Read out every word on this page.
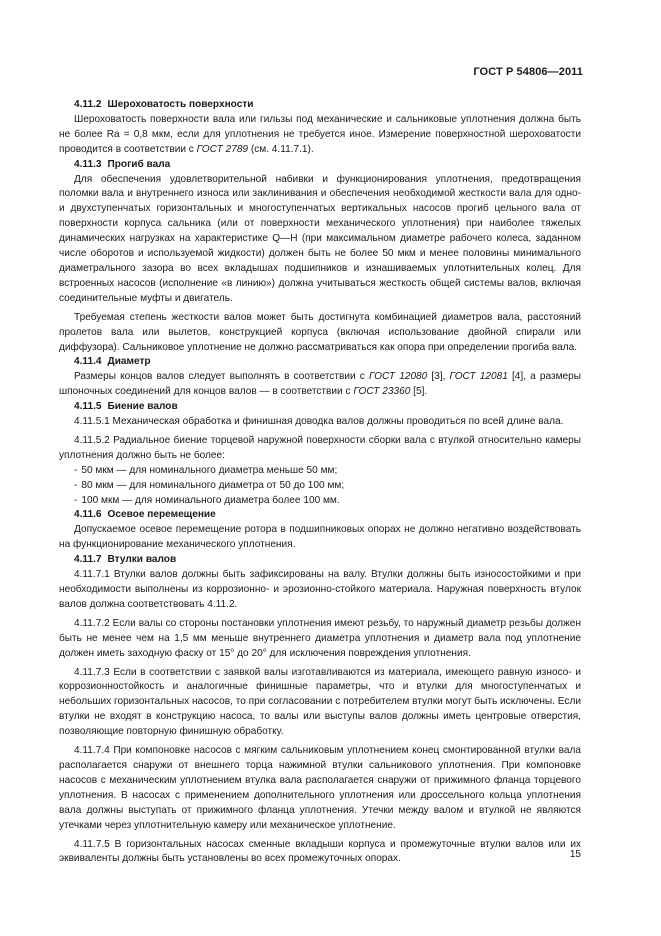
ГОСТ Р 54806—2011

4.11.2 Шероховатость поверхности

Шероховатость поверхности вала или гильзы под механические и сальниковые уплотнения должна быть не более Ra = 0,8 мкм, если для уплотнения не требуется иное. Измерение поверхностной шероховатости проводится в соответствии с ГОСТ 2789 (см. 4.11.7.1).

4.11.3 Прогиб вала

Для обеспечения удовлетворительной набивки и функционирования уплотнения, предотвращения поломки вала и внутреннего износа или заклинивания и обеспечения необходимой жесткости вала для одно- и двухступенчатых горизонтальных и многоступенчатых вертикальных насосов прогиб цельного вала от поверхности корпуса сальника (или от поверхности механического уплотнения) при наиболее тяжелых динамических нагрузках на характеристике Q—H (при максимальном диаметре рабочего колеса, заданном числе оборотов и используемой жидкости) должен быть не более 50 мкм и менее половины минимального диаметрального зазора во всех вкладышах подшипников и изнашиваемых уплотнительных колец. Для встроенных насосов (исполнение «в линию») должна учитываться жесткость общей системы валов, включая соединительные муфты и двигатель.

Требуемая степень жесткости валов может быть достигнута комбинацией диаметров вала, расстояний пролетов вала или вылетов, конструкцией корпуса (включая использование двойной спирали или диффузора). Сальниковое уплотнение не должно рассматриваться как опора при определении прогиба вала.

4.11.4 Диаметр

Размеры концов валов следует выполнять в соответствии с ГОСТ 12080 [3], ГОСТ 12081 [4], а размеры шпоночных соединений для концов валов — в соответствии с ГОСТ 23360 [5].

4.11.5 Биение валов

4.11.5.1 Механическая обработка и финишная доводка валов должны проводиться по всей длине вала.

4.11.5.2 Радиальное биение торцевой наружной поверхности сборки вала с втулкой относительно камеры уплотнения должно быть не более:

- 50 мкм — для номинального диаметра меньше 50 мм;

- 80 мкм — для номинального диаметра от 50 до 100 мм;

- 100 мкм — для номинального диаметра более 100 мм.

4.11.6 Осевое перемещение

Допускаемое осевое перемещение ротора в подшипниковых опорах не должно негативно воздействовать на функционирование механического уплотнения.

4.11.7 Втулки валов

4.11.7.1 Втулки валов должны быть зафиксированы на валу. Втулки должны быть износостойкими и при необходимости выполнены из коррозионно- и эрозионно-стойкого материала. Наружная поверхность втулок валов должна соответствовать 4.11.2.

4.11.7.2 Если валы со стороны постановки уплотнения имеют резьбу, то наружный диаметр резьбы должен быть не менее чем на 1,5 мм меньше внутреннего диаметра уплотнения и диаметр вала под уплотнение должен иметь заходную фаску от 15° до 20° для исключения повреждения уплотнения.

4.11.7.3 Если в соответствии с заявкой валы изготавливаются из материала, имеющего равную износо- и коррозионностойкость и аналогичные финишные параметры, что и втулки для многоступенчатых и небольших горизонтальных насосов, то при согласовании с потребителем втулки могут быть исключены. Если втулки не входят в конструкцию насоса, то валы или выступы валов должны иметь центровые отверстия, позволяющие повторную финишную обработку.

4.11.7.4 При компоновке насосов с мягким сальниковым уплотнением конец смонтированной втулки вала располагается снаружи от внешнего торца нажимной втулки сальникового уплотнения. При компоновке насосов с механическим уплотнением втулка вала располагается снаружи от прижимного фланца торцевого уплотнения. В насосах с применением дополнительного уплотнения или дроссельного кольца уплотнения вала должны выступать от прижимного фланца уплотнения. Утечки между валом и втулкой не являются утечками через уплотнительную камеру или механическое уплотнение.

4.11.7.5 В горизонтальных насосах сменные вкладыши корпуса и промежуточные втулки валов или их эквиваленты должны быть установлены во всех промежуточных опорах.	15
